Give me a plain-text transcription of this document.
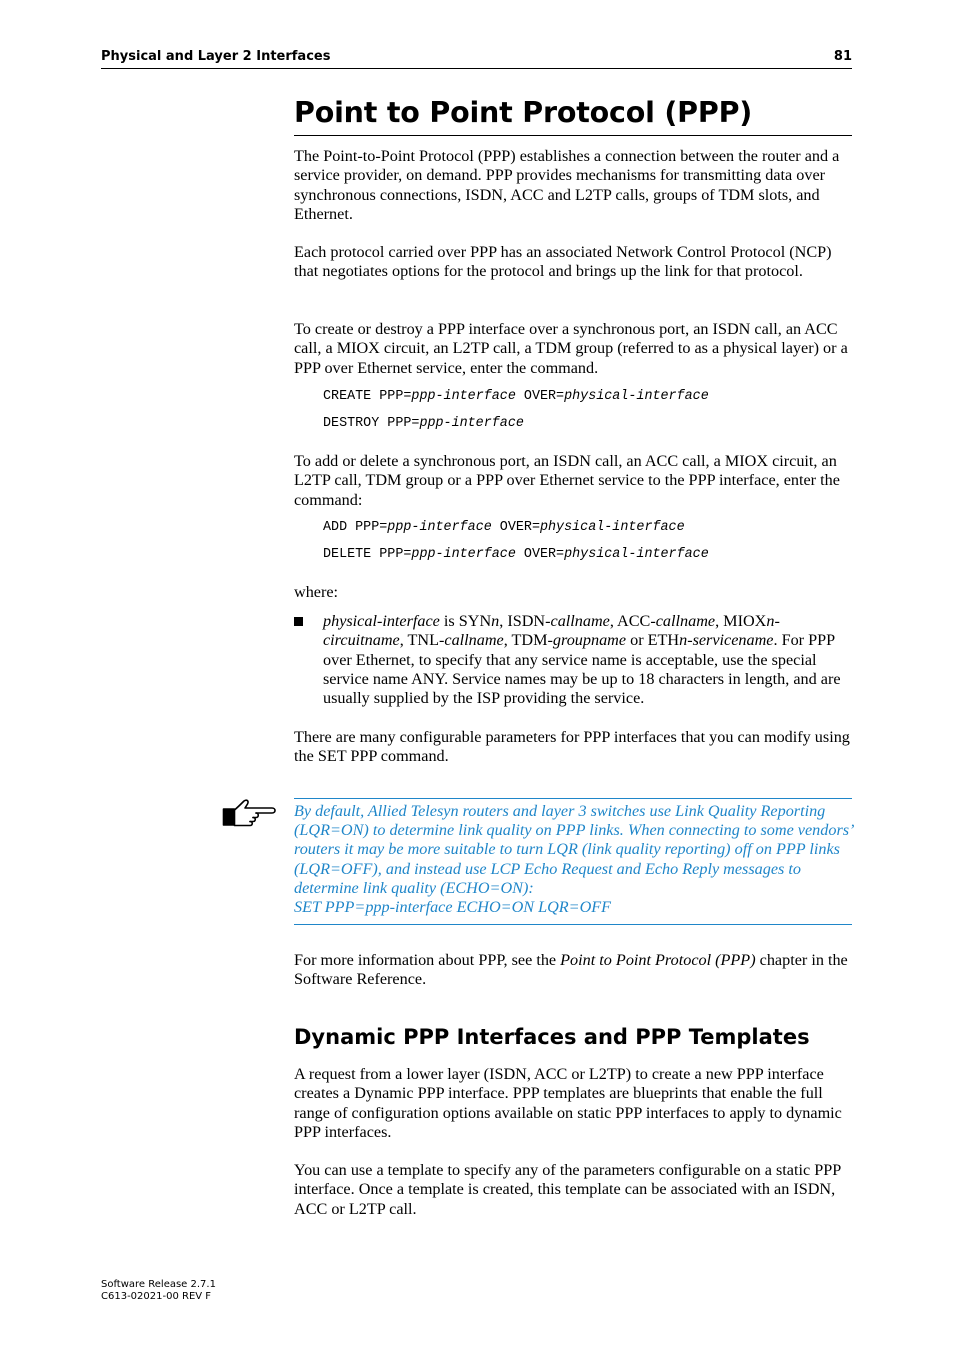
Physical and Layer 2 Interfaces	81
Point to Point Protocol (PPP)

The Point-to-Point Protocol (PPP) establishes a connection between the router and a service provider, on demand. PPP provides mechanisms for transmitting data over synchronous connections, ISDN, ACC and L2TP calls, groups of TDM slots, and Ethernet.

Each protocol carried over PPP has an associated Network Control Protocol (NCP) that negotiates options for the protocol and brings up the link for that protocol.

To create or destroy a PPP interface over a synchronous port, an ISDN call, an ACC call, a MIOX circuit, an L2TP call, a TDM group (referred to as a physical layer) or a PPP over Ethernet service, enter the command.

CREATE PPP=ppp-interface OVER=physical-interface
DESTROY PPP=ppp-interface

To add or delete a synchronous port, an ISDN call, an ACC call, a MIOX circuit, an L2TP call, TDM group or a PPP over Ethernet service to the PPP interface, enter the command:

ADD PPP=ppp-interface OVER=physical-interface
DELETE PPP=ppp-interface OVER=physical-interface

where:

physical-interface is SYNn, ISDN-callname, ACC-callname, MIOXn-circuitname, TNL-callname, TDM-groupname or ETHn-servicename. For PPP over Ethernet, to specify that any service name is acceptable, use the special service name ANY. Service names may be up to 18 characters in length, and are usually supplied by the ISP providing the service.

There are many configurable parameters for PPP interfaces that you can modify using the SET PPP command.

By default, Allied Telesyn routers and layer 3 switches use Link Quality Reporting (LQR=ON) to determine link quality on PPP links. When connecting to some vendors’ routers it may be more suitable to turn LQR (link quality reporting) off on PPP links (LQR=OFF), and instead use LCP Echo Request and Echo Reply messages to determine link quality (ECHO=ON):

SET PPP=ppp-interface ECHO=ON LQR=OFF

For more information about PPP, see the Point to Point Protocol (PPP) chapter in the Software Reference.

Dynamic PPP Interfaces and PPP Templates

A request from a lower layer (ISDN, ACC or L2TP) to create a new PPP interface creates a Dynamic PPP interface. PPP templates are blueprints that enable the full range of configuration options available on static PPP interfaces to apply to dynamic PPP interfaces.

You can use a template to specify any of the parameters configurable on a static PPP interface. Once a template is created, this template can be associated with an ISDN, ACC or L2TP call.

Software Release 2.7.1
C613-02021-00 REV F
